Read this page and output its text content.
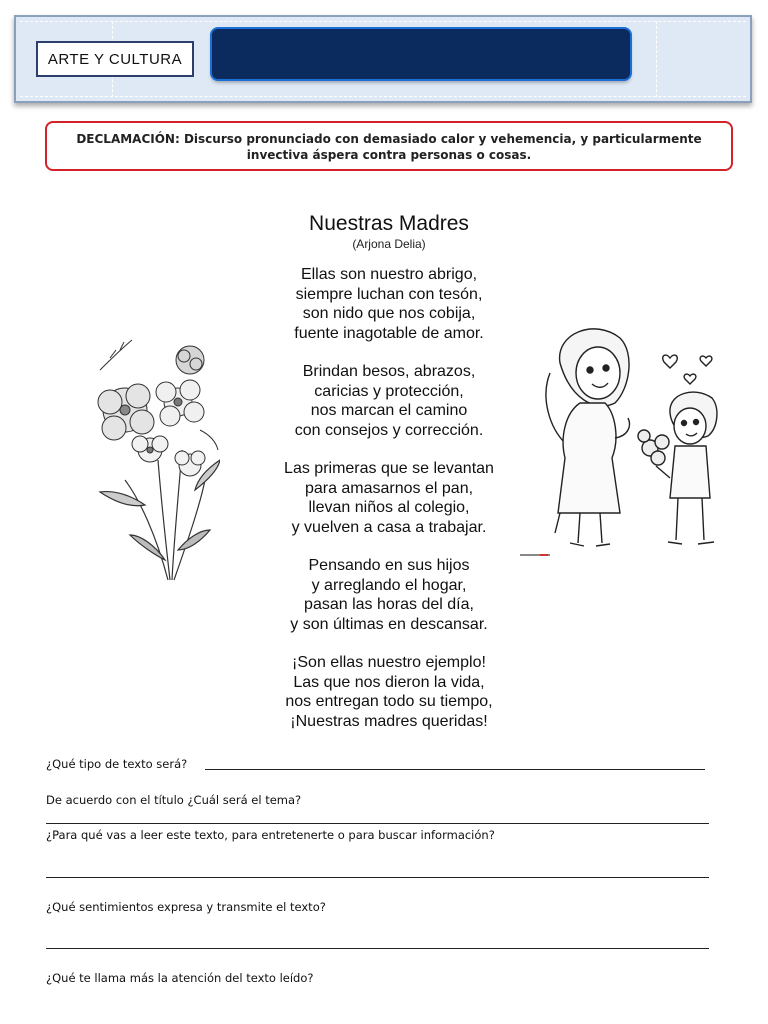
ARTE Y CULTURA
DECLAMACIÓN: Discurso pronunciado con demasiado calor y vehemencia, y particularmente invectiva áspera contra personas o cosas.
Nuestras Madres
(Arjona Delia)
Ellas son nuestro abrigo,
siempre luchan con tesón,
son nido que nos cobija,
fuente inagotable de amor.
Brindan besos, abrazos,
caricias y protección,
nos marcan el camino
con consejos y corrección.
Las primeras que se levantan
para amasarnos el pan,
llevan niños al colegio,
y vuelven a casa a trabajar.
Pensando en sus hijos
y arreglando el hogar,
pasan las horas del día,
y son últimas en descansar.
¡Son ellas nuestro ejemplo!
Las que nos dieron la vida,
nos entregan todo su tiempo,
¡Nuestras madres queridas!
¿Qué tipo de texto será?
De acuerdo con el título ¿Cuál será el tema?
¿Para qué vas a leer este texto, para entretenerte o para buscar información?
¿Qué sentimientos expresa y transmite el texto?
¿Qué te llama más la atención del texto leído?
